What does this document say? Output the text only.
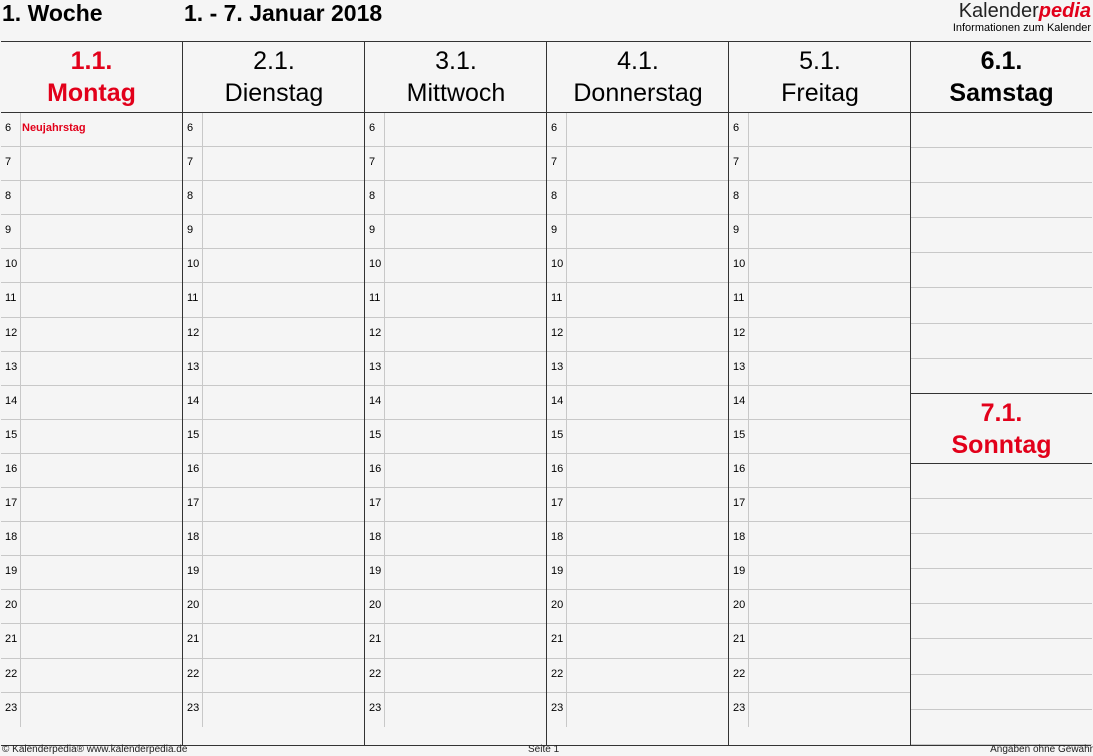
1. Woche	1. - 7. Januar 2018	Kalenderpedia
Informationen zum Kalender
1.1.
Montag
6 Neujahrstag
7
8
9
10
11
12
13
14
15
16
17
18
19
20
21
22
23
2.1.
Dienstag
6
7
8
9
10
11
12
13
14
15
16
17
18
19
20
21
22
23
3.1.
Mittwoch
6
7
8
9
10
11
12
13
14
15
16
17
18
19
20
21
22
23
4.1.
Donnerstag
6
7
8
9
10
11
12
13
14
15
16
17
18
19
20
21
22
23
5.1.
Freitag
6
7
8
9
10
11
12
13
14
15
16
17
18
19
20
21
22
23
6.1.
Samstag
7.1.
Sonntag
© Kalenderpedia® www.kalenderpedia.de	Seite 1	Angaben ohne Gewähr
